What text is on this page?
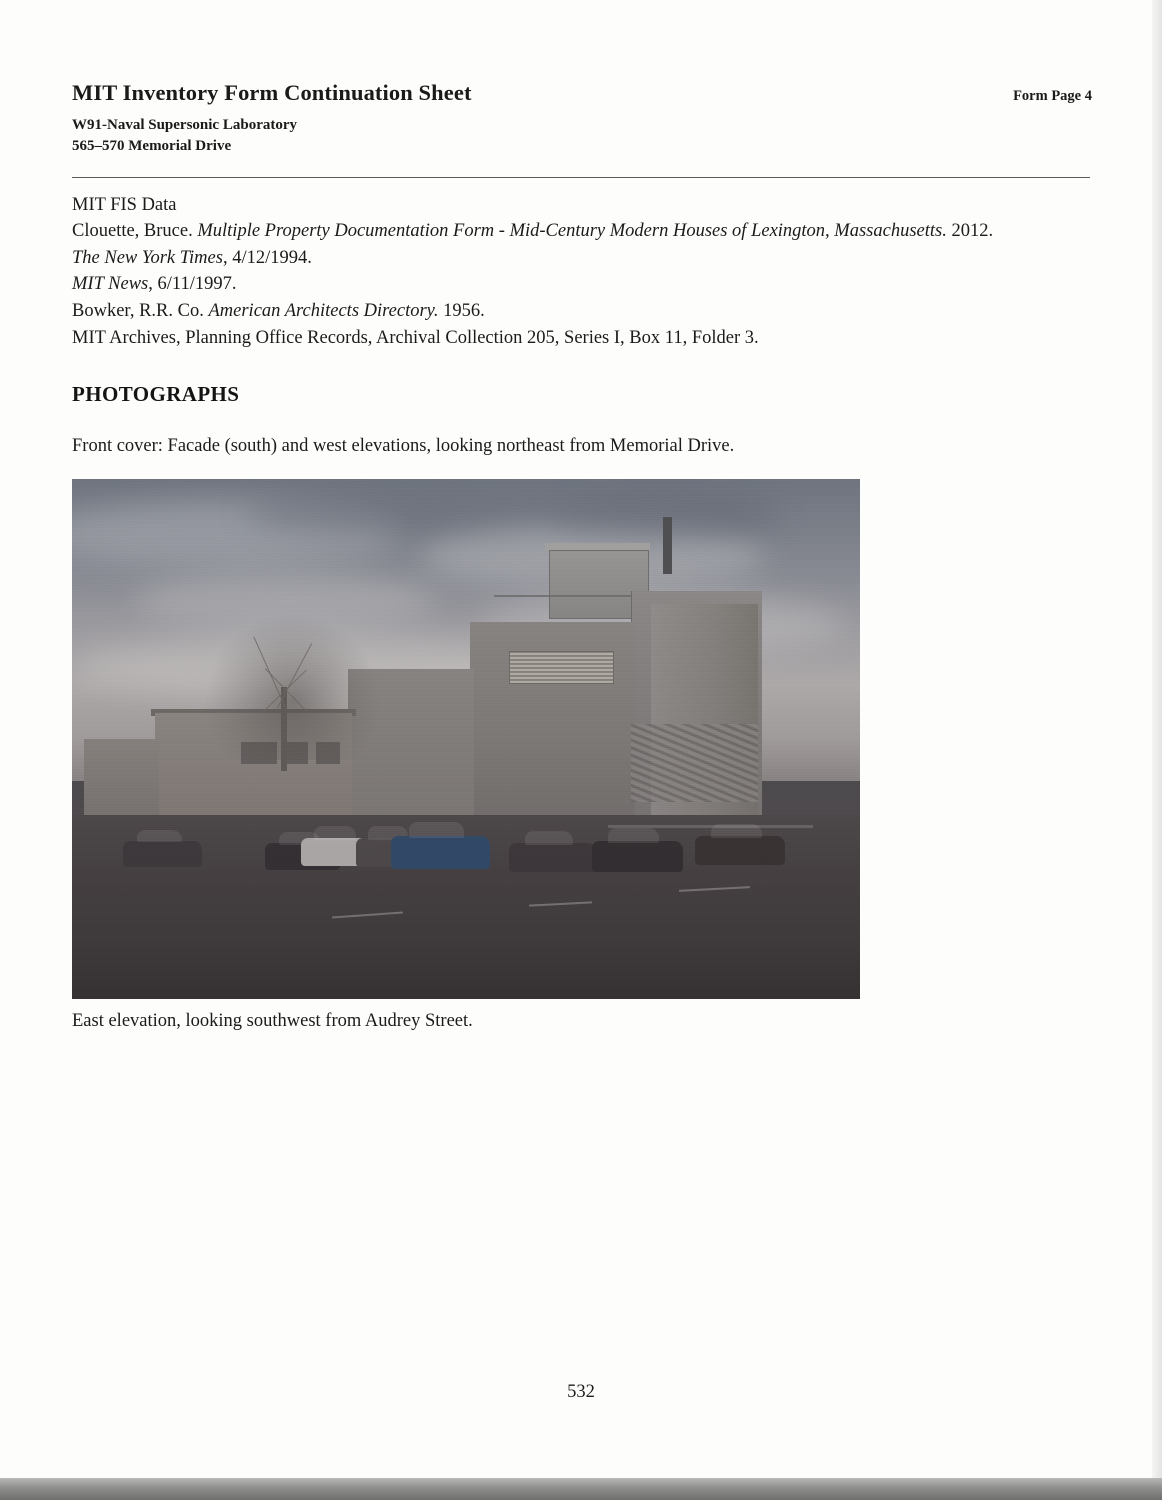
MIT Inventory Form Continuation Sheet	Form Page 4
W91-Naval Supersonic Laboratory
565–570 Memorial Drive
MIT FIS Data
Clouette, Bruce. Multiple Property Documentation Form - Mid-Century Modern Houses of Lexington, Massachusetts. 2012.
The New York Times, 4/12/1994.
MIT News, 6/11/1997.
Bowker, R.R. Co. American Architects Directory. 1956.
MIT Archives, Planning Office Records, Archival Collection 205, Series I, Box 11, Folder 3.
PHOTOGRAPHS
Front cover: Facade (south) and west elevations, looking northeast from Memorial Drive.
East elevation, looking southwest from Audrey Street.
532
